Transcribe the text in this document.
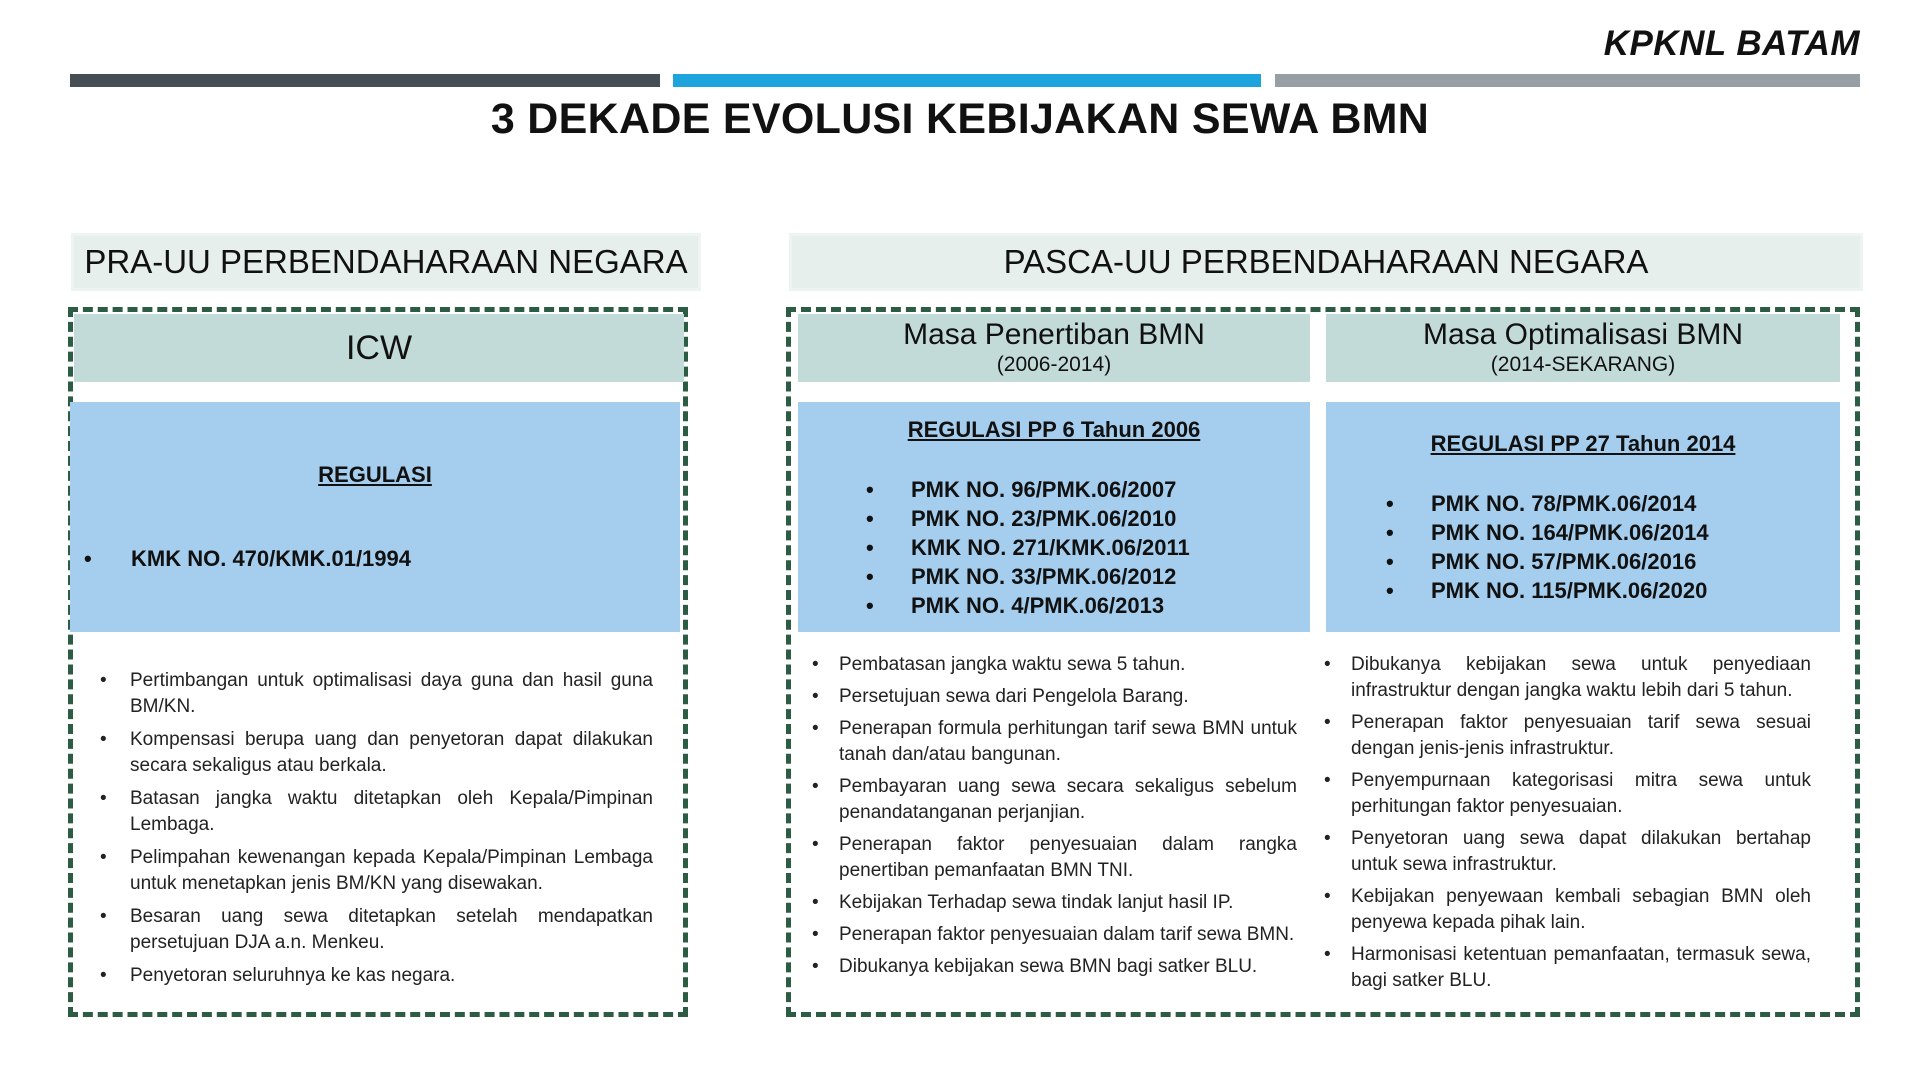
KPKNL BATAM
3 DEKADE EVOLUSI KEBIJAKAN SEWA BMN
PRA-UU PERBENDAHARAAN NEGARA	PASCA-UU PERBENDAHARAAN NEGARA
ICW	Masa Penertiban BMN
(2006-2014)
Masa Optimalisasi BMN
(2014-SEKARANG)
REGULASI
• KMK NO. 470/KMK.01/1994
REGULASI PP 6 Tahun 2006
• PMK NO. 96/PMK.06/2007
• PMK NO. 23/PMK.06/2010
• KMK NO. 271/KMK.06/2011
• PMK NO. 33/PMK.06/2012
• PMK NO. 4/PMK.06/2013
REGULASI PP 27 Tahun 2014
• PMK NO. 78/PMK.06/2014
• PMK NO. 164/PMK.06/2014
• PMK NO. 57/PMK.06/2016
• PMK NO. 115/PMK.06/2020
• Pertimbangan untuk optimalisasi daya guna dan hasil guna BM/KN.
• Kompensasi berupa uang dan penyetoran dapat dilakukan secara sekaligus atau berkala.
• Batasan jangka waktu ditetapkan oleh Kepala/Pimpinan Lembaga.
• Pelimpahan kewenangan kepada Kepala/Pimpinan Lembaga untuk menetapkan jenis BM/KN yang disewakan.
• Besaran uang sewa ditetapkan setelah mendapatkan persetujuan DJA a.n. Menkeu.
• Penyetoran seluruhnya ke kas negara.
• Pembatasan jangka waktu sewa 5 tahun.
• Persetujuan sewa dari Pengelola Barang.
• Penerapan formula perhitungan tarif sewa BMN untuk tanah dan/atau bangunan.
• Pembayaran uang sewa secara sekaligus sebelum penandatanganan perjanjian.
• Penerapan faktor penyesuaian dalam rangka penertiban pemanfaatan BMN TNI.
• Kebijakan Terhadap sewa tindak lanjut hasil IP.
• Penerapan faktor penyesuaian dalam tarif sewa BMN.
• Dibukanya kebijakan sewa BMN bagi satker BLU.
• Dibukanya kebijakan sewa untuk penyediaan infrastruktur dengan jangka waktu lebih dari 5 tahun.
• Penerapan faktor penyesuaian tarif sewa sesuai dengan jenis-jenis infrastruktur.
• Penyempurnaan kategorisasi mitra sewa untuk perhitungan faktor penyesuaian.
• Penyetoran uang sewa dapat dilakukan bertahap untuk sewa infrastruktur.
• Kebijakan penyewaan kembali sebagian BMN oleh penyewa kepada pihak lain.
• Harmonisasi ketentuan pemanfaatan, termasuk sewa, bagi satker BLU.
